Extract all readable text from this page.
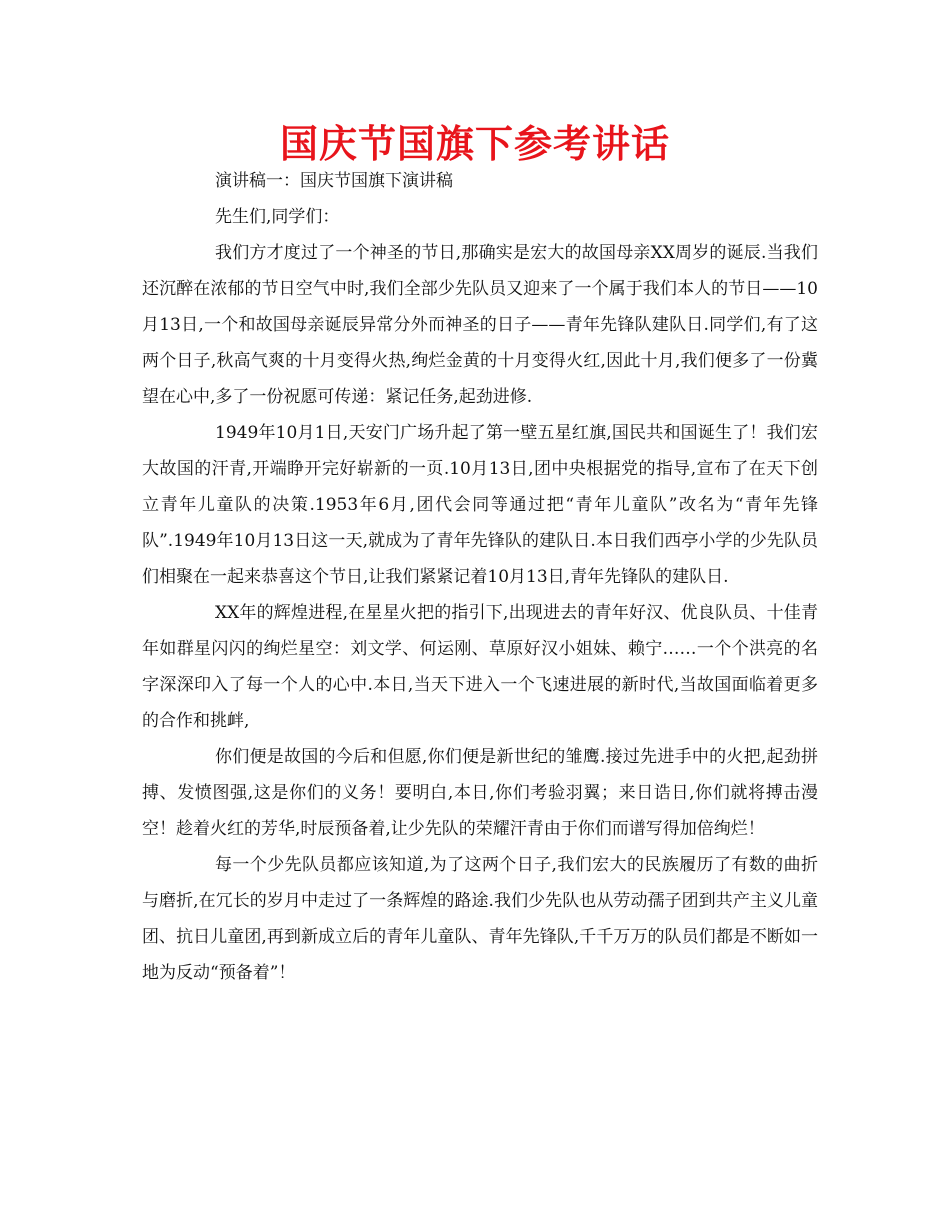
国庆节国旗下参考讲话

演讲稿一：国庆节国旗下演讲稿

先生们,同学们：

我们方才度过了一个神圣的节日,那确实是宏大的故国母亲XX周岁的诞辰.当我们还沉醉在浓郁的节日空气中时,我们全部少先队员又迎来了一个属于我们本人的节日——10月13日,一个和故国母亲诞辰异常分外而神圣的日子——青年先锋队建队日.同学们,有了这两个日子,秋高气爽的十月变得火热,绚烂金黄的十月变得火红,因此十月,我们便多了一份冀望在心中,多了一份祝愿可传递：紧记任务,起劲进修.

1949年10月1日,天安门广场升起了第一壁五星红旗,国民共和国诞生了！我们宏大故国的汗青,开端睁开完好崭新的一页.10月13日,团中央根据党的指导,宣布了在天下创立青年儿童队的决策.1953年6月,团代会同等通过把“青年儿童队”改名为“青年先锋队”.1949年10月13日这一天,就成为了青年先锋队的建队日.本日我们西亭小学的少先队员们相聚在一起来恭喜这个节日,让我们紧紧记着10月13日,青年先锋队的建队日.

XX年的辉煌进程,在星星火把的指引下,出现进去的青年好汉、优良队员、十佳青年如群星闪闪的绚烂星空：刘文学、何运刚、草原好汉小姐妹、赖宁……一个个洪亮的名字深深印入了每一个人的心中.本日,当天下进入一个飞速进展的新时代,当故国面临着更多的合作和挑衅,

你们便是故国的今后和但愿,你们便是新世纪的雏鹰.接过先进手中的火把,起劲拼搏、发愤图强,这是你们的义务！要明白,本日,你们考验羽翼；来日诰日,你们就将搏击漫空！趁着火红的芳华,时辰预备着,让少先队的荣耀汗青由于你们而谱写得加倍绚烂！

每一个少先队员都应该知道,为了这两个日子,我们宏大的民族履历了有数的曲折与磨折,在冗长的岁月中走过了一条辉煌的路途.我们少先队也从劳动孺子团到共产主义儿童团、抗日儿童团,再到新成立后的青年儿童队、青年先锋队,千千万万的队员们都是不断如一地为反动“预备着”！
